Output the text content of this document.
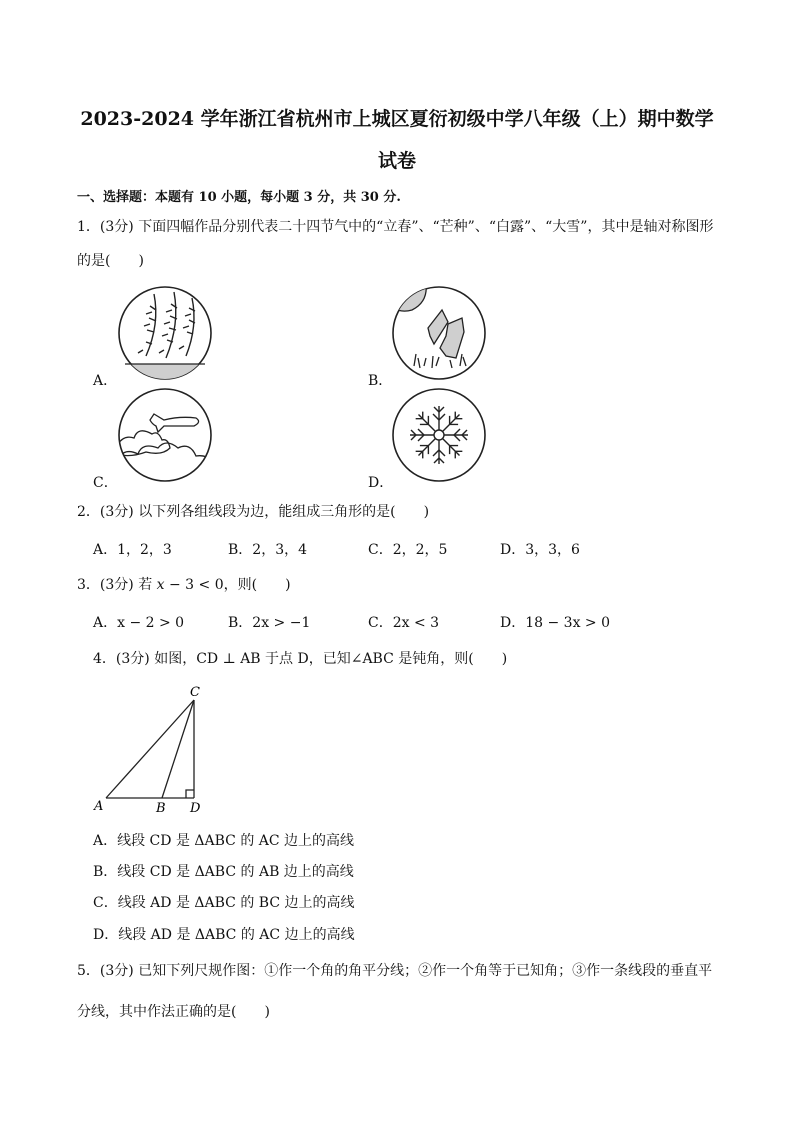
2023-2024 学年浙江省杭州市上城区夏衍初级中学八年级（上）期中数学
试卷
一、选择题：本题有 10 小题，每小题 3 分，共 30 分.
1．(3分) 下面四幅作品分别代表二十四节气中的“立春”、“芒种”、“白露”、“大雪”，其中是轴对称图形
的是(　　)
A．	B．
C．	D．
2．(3分) 以下列各组线段为边，能组成三角形的是(　　)
A．1，2，3	B．2，3，4	C．2，2，5	D．3，3，6
3．(3分) 若 x − 3 < 0，则(　　)
A．x − 2 > 0	B．2x > −1	C．2x < 3	D．18 − 3x > 0
4．(3分) 如图，CD ⊥ AB 于点 D，已知∠ABC 是钝角，则(　　)
C
A	B D
A．线段 CD 是 ΔABC 的 AC 边上的高线
B．线段 CD 是 ΔABC 的 AB 边上的高线
C．线段 AD 是 ΔABC 的 BC 边上的高线
D．线段 AD 是 ΔABC 的 AC 边上的高线
5．(3分) 已知下列尺规作图：①作一个角的角平分线；②作一个角等于已知角；③作一条线段的垂直平
分线，其中作法正确的是(　　)
